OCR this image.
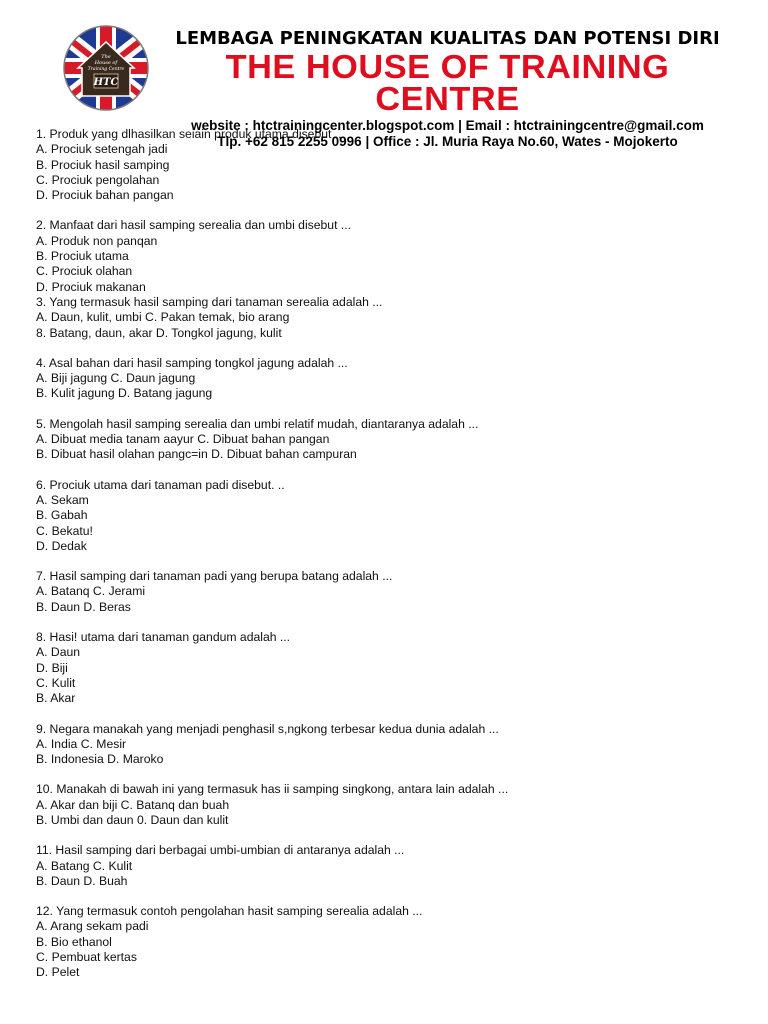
HTC
The
House of
Training Centre
LEMBAGA PENINGKATAN KUALITAS DAN POTENSI DIRI
THE HOUSE OF TRAINING CENTRE
website : htctrainingcenter.blogspot.com | Email : htctrainingcentre@gmail.com
Tlp. +62 815 2255 0996 | Office : Jl. Muria Raya No.60, Wates - Mojokerto
1. Produk yang dlhasilkan seiain produk utama disebut ...
A. Prociuk setengah jadi
B. Prociuk hasil samping
C. Prociuk pengolahan
D. Prociuk bahan pangan
2. Manfaat dari hasil samping serealia dan umbi disebut ...
A. Produk non panqan
B. Prociuk utama
C. Prociuk olahan
D. Prociuk makanan
3. Yang termasuk hasil samping dari tanaman serealia adalah ...
A. Daun, kulit, umbi C. Pakan temak, bio arang
8. Batang, daun, akar D. Tongkol jagung, kulit
4. Asal bahan dari hasil samping tongkol jagung adalah ...
A. Biji jagung C. Daun jagung
B. Kulit jagung D. Batang jagung
5. Mengolah hasil samping serealia dan umbi relatif mudah, diantaranya adalah ...
A. Dibuat media tanam aayur C. Dibuat bahan pangan
B. Dibuat hasil olahan pangc=in D. Dibuat bahan campuran
6. Prociuk utama dari tanaman padi disebut. ..
A. Sekam
B. Gabah
C. Bekatu!
D. Dedak
7. Hasil samping dari tanaman padi yang berupa batang adalah ...
A. Batanq C. Jerami
B. Daun D. Beras
8. Hasi! utama dari tanaman gandum adalah ...
A. Daun
D. Biji
C. Kulit
B. Akar
9. Negara manakah yang menjadi penghasil s,ngkong terbesar kedua dunia adalah ...
A. India C. Mesir
B. Indonesia D. Maroko
10. Manakah di bawah ini yang termasuk has ii samping singkong, antara lain adalah ...
A. Akar dan biji C. Batanq dan buah
B. Umbi dan daun 0. Daun dan kulit
11. Hasil samping dari berbagai umbi-umbian di antaranya adalah ...
A. Batang C. Kulit
B. Daun D. Buah
12. Yang termasuk contoh pengolahan hasit samping serealia adalah ...
A. Arang sekam padi
B. Bio ethanol
C. Pembuat kertas
D. Pelet
